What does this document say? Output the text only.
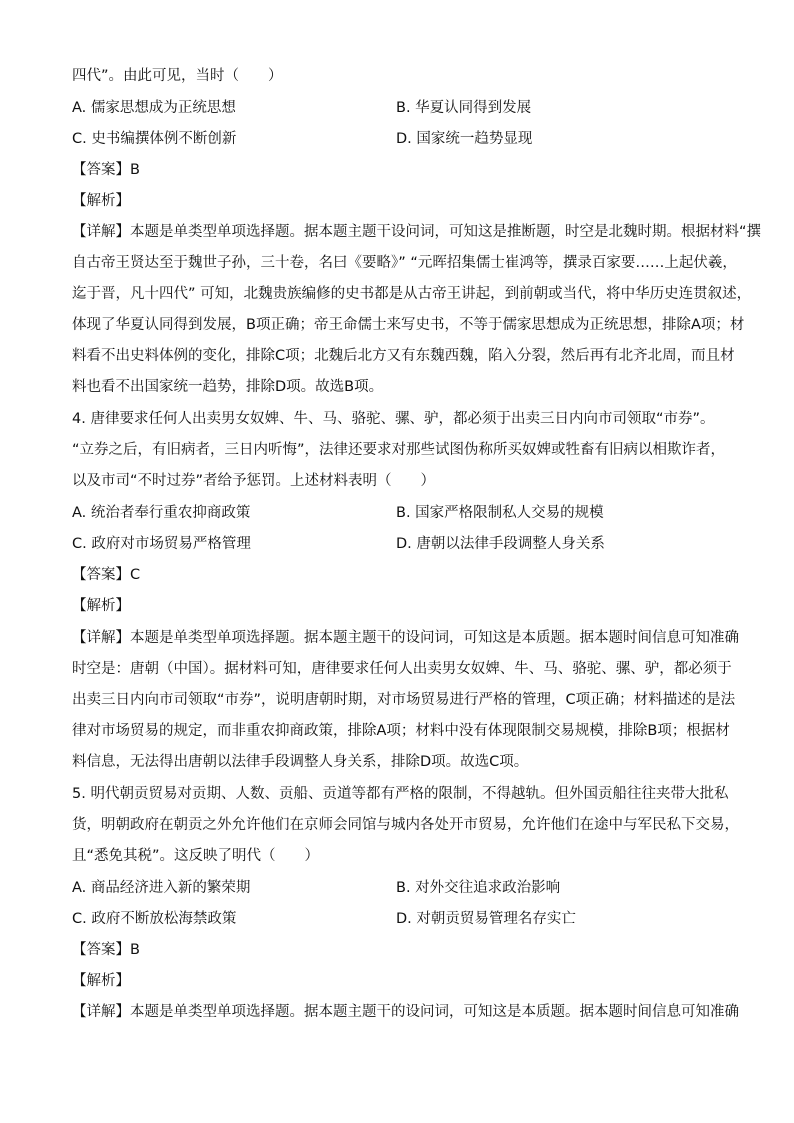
四代”。由此可见，当时（　　）
A. 儒家思想成为正统思想	B. 华夏认同得到发展
C. 史书编撰体例不断创新	D. 国家统一趋势显现
【答案】B
【解析】
【详解】本题是单类型单项选择题。据本题主题干设问词，可知这是推断题，时空是北魏时期。根据材料“撰
自古帝王贤达至于魏世子孙，三十卷，名曰《要略》” “元晖招集儒士崔鸿等，撰录百家要……上起伏羲，
迄于晋，凡十四代” 可知，北魏贵族编修的史书都是从古帝王讲起，到前朝或当代，将中华历史连贯叙述，
体现了华夏认同得到发展，B项正确；帝王命儒士来写史书，不等于儒家思想成为正统思想，排除A项；材
料看不出史料体例的变化，排除C项；北魏后北方又有东魏西魏，陷入分裂，然后再有北齐北周，而且材
料也看不出国家统一趋势，排除D项。故选B项。
4. 唐律要求任何人出卖男女奴婢、牛、马、骆驼、骡、驴，都必须于出卖三日内向市司领取“市券”。
“立券之后，有旧病者，三日内听悔”，法律还要求对那些试图伪称所买奴婢或牲畜有旧病以相欺诈者，
以及市司“不时过券”者给予惩罚。上述材料表明（　　）
A. 统治者奉行重农抑商政策	B. 国家严格限制私人交易的规模
C. 政府对市场贸易严格管理	D. 唐朝以法律手段调整人身关系
【答案】C
【解析】
【详解】本题是单类型单项选择题。据本题主题干的设问词，可知这是本质题。据本题时间信息可知准确
时空是：唐朝（中国）。据材料可知，唐律要求任何人出卖男女奴婢、牛、马、骆驼、骡、驴，都必须于
出卖三日内向市司领取“市券”，说明唐朝时期，对市场贸易进行严格的管理，C项正确；材料描述的是法
律对市场贸易的规定，而非重农抑商政策，排除A项；材料中没有体现限制交易规模，排除B项；根据材
料信息，无法得出唐朝以法律手段调整人身关系，排除D项。故选C项。
5. 明代朝贡贸易对贡期、人数、贡船、贡道等都有严格的限制，不得越轨。但外国贡船往往夹带大批私
货，明朝政府在朝贡之外允许他们在京师会同馆与城内各处开市贸易，允许他们在途中与军民私下交易，
且“悉免其税”。这反映了明代（　　）
A. 商品经济进入新的繁荣期	B. 对外交往追求政治影响
C. 政府不断放松海禁政策	D. 对朝贡贸易管理名存实亡
【答案】B
【解析】
【详解】本题是单类型单项选择题。据本题主题干的设问词，可知这是本质题。据本题时间信息可知准确
